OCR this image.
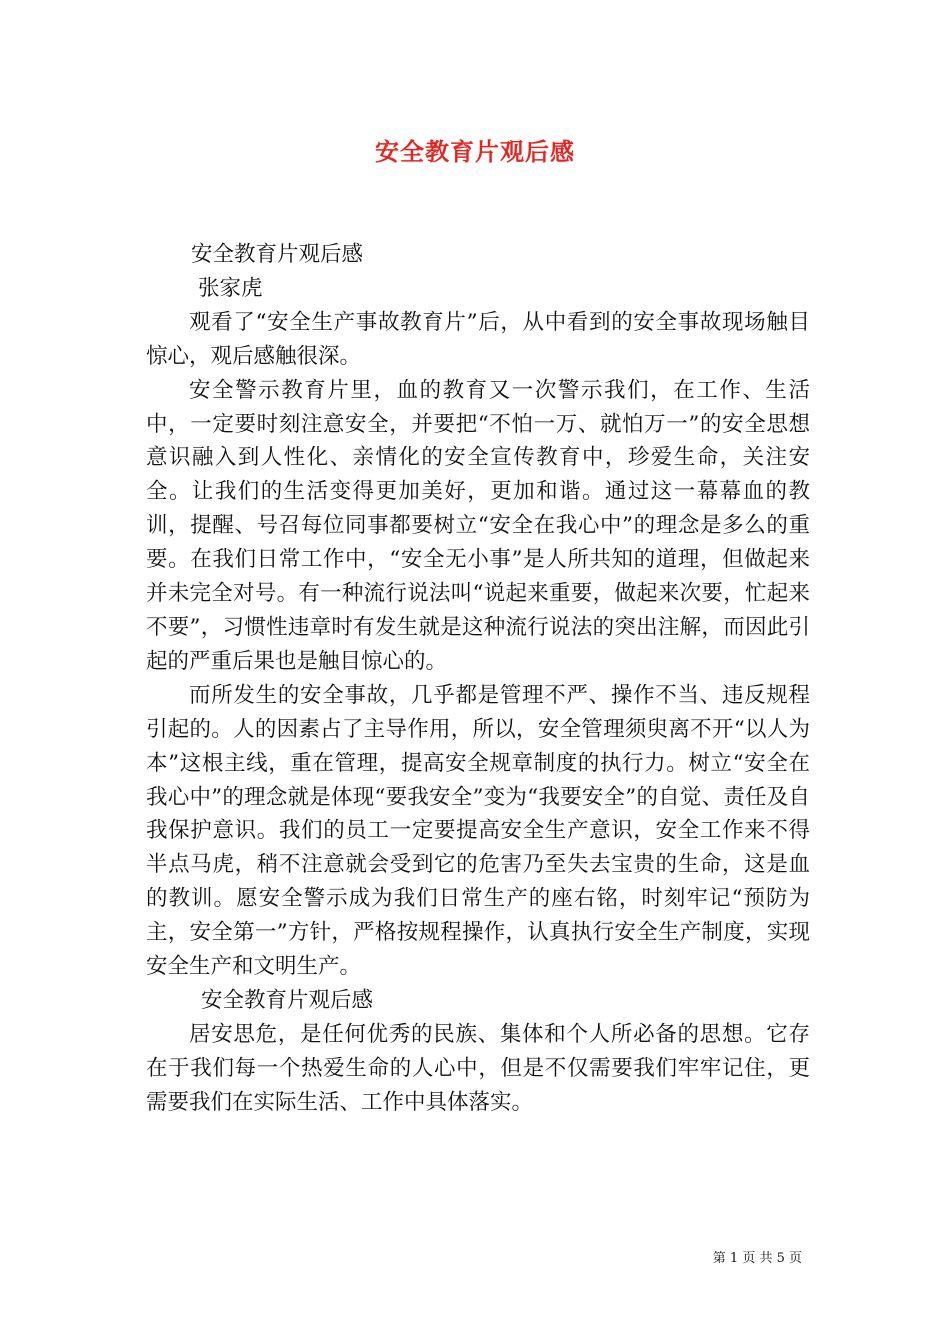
安全教育片观后感

安全教育片观后感

张家虎

观看了“安全生产事故教育片”后，从中看到的安全事故现场触目惊心，观后感触很深。

安全警示教育片里，血的教育又一次警示我们，在工作、生活中，一定要时刻注意安全，并要把“不怕一万、就怕万一”的安全思想意识融入到人性化、亲情化的安全宣传教育中，珍爱生命，关注安全。让我们的生活变得更加美好，更加和谐。通过这一幕幕血的教训，提醒、号召每位同事都要树立“安全在我心中”的理念是多么的重要。在我们日常工作中，“安全无小事”是人所共知的道理，但做起来并未完全对号。有一种流行说法叫“说起来重要，做起来次要，忙起来不要”，习惯性违章时有发生就是这种流行说法的突出注解，而因此引起的严重后果也是触目惊心的。

而所发生的安全事故，几乎都是管理不严、操作不当、违反规程引起的。人的因素占了主导作用，所以，安全管理须臾离不开“以人为本”这根主线，重在管理，提高安全规章制度的执行力。树立“安全在我心中”的理念就是体现“要我安全”变为“我要安全”的自觉、责任及自我保护意识。我们的员工一定要提高安全生产意识，安全工作来不得半点马虎，稍不注意就会受到它的危害乃至失去宝贵的生命，这是血的教训。愿安全警示成为我们日常生产的座右铭，时刻牢记“预防为主，安全第一”方针，严格按规程操作，认真执行安全生产制度，实现安全生产和文明生产。

安全教育片观后感

居安思危，是任何优秀的民族、集体和个人所必备的思想。它存在于我们每一个热爱生命的人心中，但是不仅需要我们牢牢记住，更需要我们在实际生活、工作中具体落实。

第 1 页 共 5 页
